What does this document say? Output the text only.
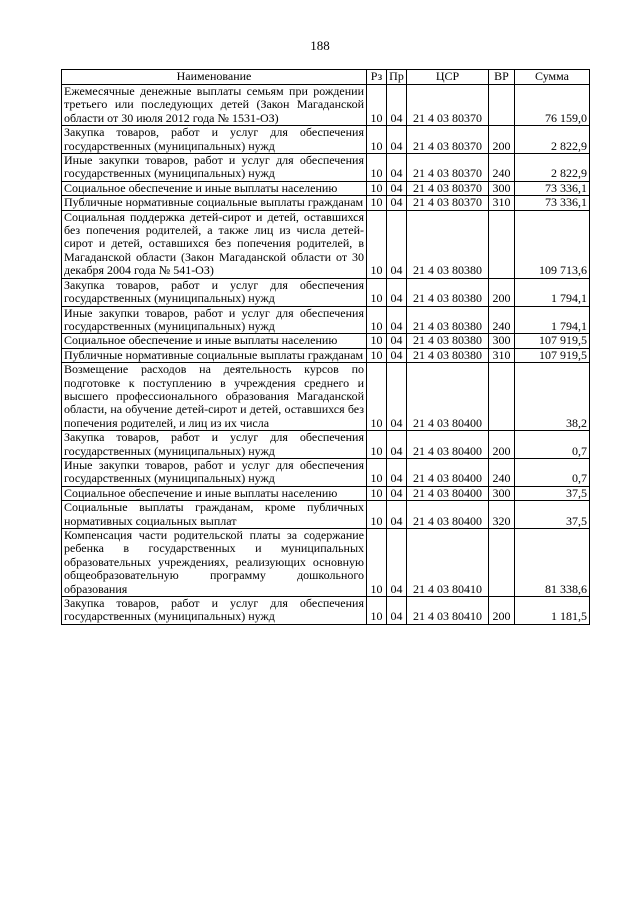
188
Наименование	Рз	Пр	ЦСР	ВР	Сумма
Ежемесячные денежные выплаты семьям при рождении третьего или последующих детей (Закон Магаданской области от 30 июля 2012 года № 1531-ОЗ)	10	04	21 4 03 80370		76 159,0
Закупка товаров, работ и услуг для обеспечения государственных (муниципальных) нужд	10	04	21 4 03 80370	200	2 822,9
Иные закупки товаров, работ и услуг для обеспечения государственных (муниципальных) нужд	10	04	21 4 03 80370	240	2 822,9
Социальное обеспечение и иные выплаты населению	10	04	21 4 03 80370	300	73 336,1
Публичные нормативные социальные выплаты гражданам	10	04	21 4 03 80370	310	73 336,1
Социальная поддержка детей-сирот и детей, оставшихся без попечения родителей, а также лиц из числа детей-сирот и детей, оставшихся без попечения родителей, в Магаданской области (Закон Магаданской области от 30 декабря 2004 года № 541-ОЗ)	10	04	21 4 03 80380		109 713,6
Закупка товаров, работ и услуг для обеспечения государственных (муниципальных) нужд	10	04	21 4 03 80380	200	1 794,1
Иные закупки товаров, работ и услуг для обеспечения государственных (муниципальных) нужд	10	04	21 4 03 80380	240	1 794,1
Социальное обеспечение и иные выплаты населению	10	04	21 4 03 80380	300	107 919,5
Публичные нормативные социальные выплаты гражданам	10	04	21 4 03 80380	310	107 919,5
Возмещение расходов на деятельность курсов по подготовке к поступлению в учреждения среднего и высшего профессионального образования Магаданской области, на обучение детей-сирот и детей, оставшихся без попечения родителей, и лиц из их числа	10	04	21 4 03 80400		38,2
Закупка товаров, работ и услуг для обеспечения государственных (муниципальных) нужд	10	04	21 4 03 80400	200	0,7
Иные закупки товаров, работ и услуг для обеспечения государственных (муниципальных) нужд	10	04	21 4 03 80400	240	0,7
Социальное обеспечение и иные выплаты населению	10	04	21 4 03 80400	300	37,5
Социальные выплаты гражданам, кроме публичных нормативных социальных выплат	10	04	21 4 03 80400	320	37,5
Компенсация части родительской платы за содержание ребенка в государственных и муниципальных образовательных учреждениях, реализующих основную общеобразовательную программу дошкольного образования	10	04	21 4 03 80410		81 338,6
Закупка товаров, работ и услуг для обеспечения государственных (муниципальных) нужд	10	04	21 4 03 80410	200	1 181,5
